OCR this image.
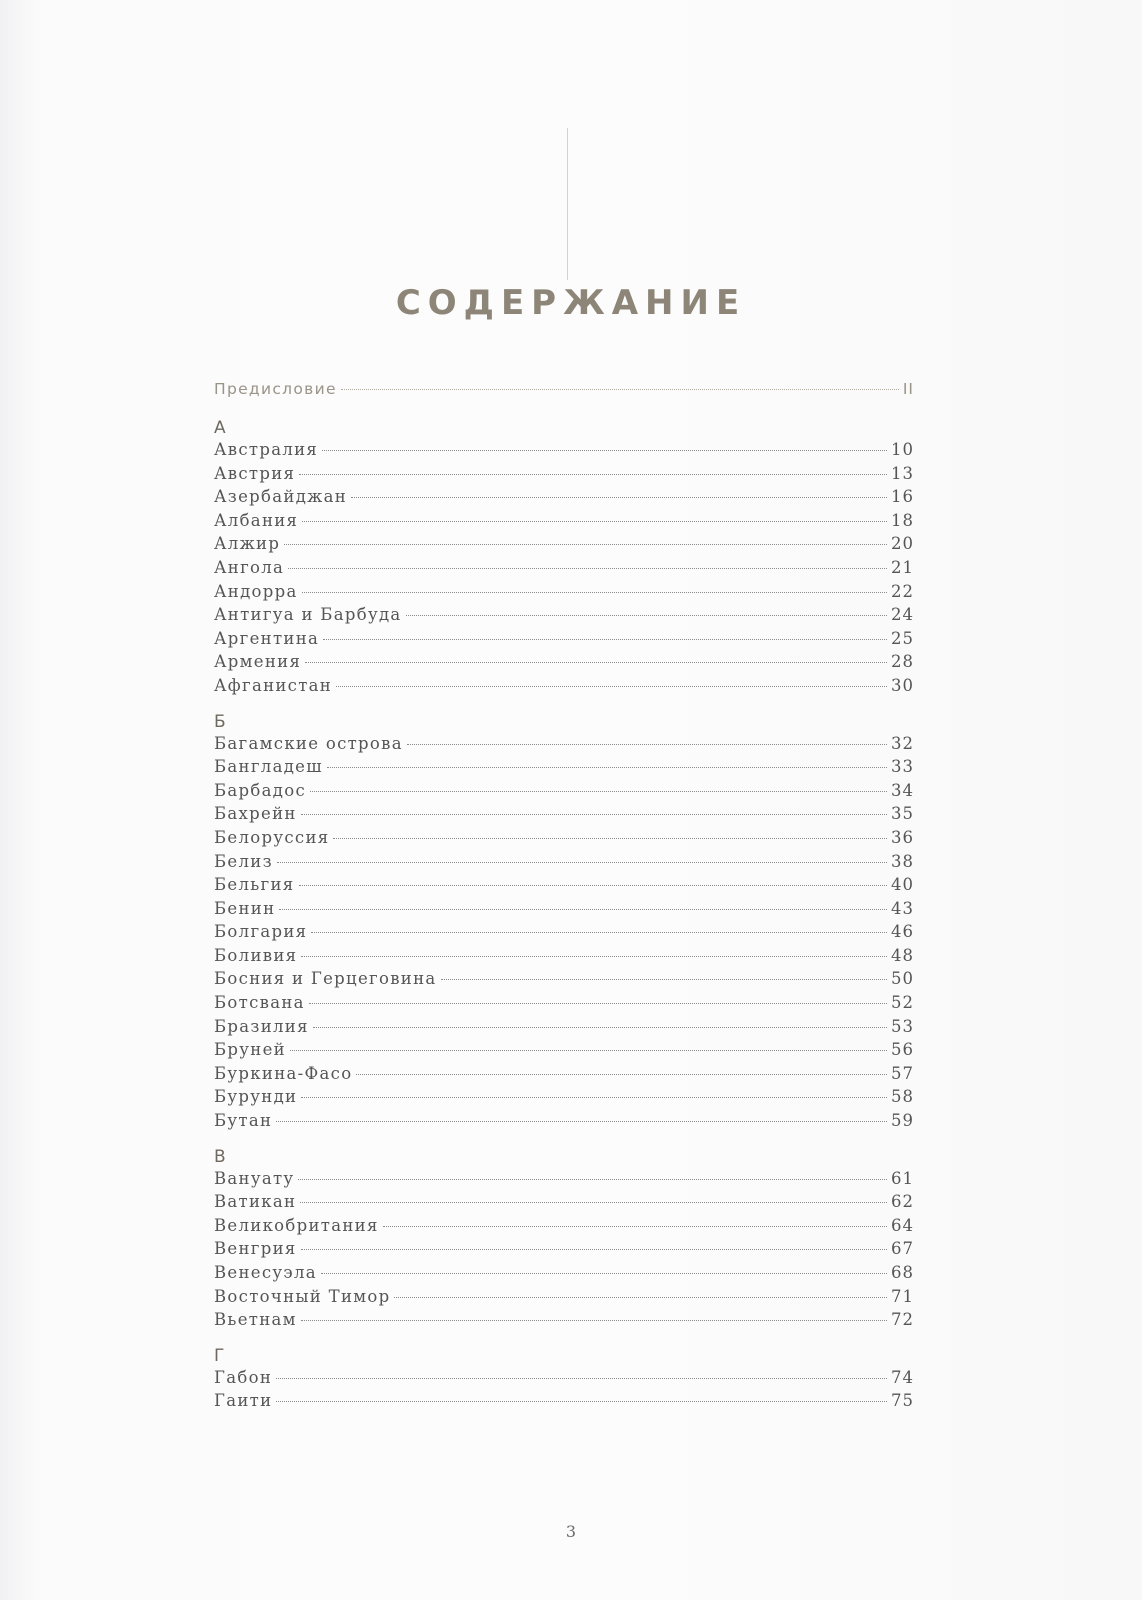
СОДЕРЖАНИЕ
Предисловие	II
А
Австралия	10
Австрия	13
Азербайджан	16
Албания	18
Алжир	20
Ангола	21
Андорра	22
Антигуа и Барбуда	24
Аргентина	25
Армения	28
Афганистан	30
Б
Багамские острова	32
Бангладеш	33
Барбадос	34
Бахрейн	35
Белоруссия	36
Белиз	38
Бельгия	40
Бенин	43
Болгария	46
Боливия	48
Босния и Герцеговина	50
Ботсвана	52
Бразилия	53
Бруней	56
Буркина-Фасо	57
Бурунди	58
Бутан	59
В
Вануату	61
Ватикан	62
Великобритания	64
Венгрия	67
Венесуэла	68
Восточный Тимор	71
Вьетнам	72
Г
Габон	74
Гаити	75
3
